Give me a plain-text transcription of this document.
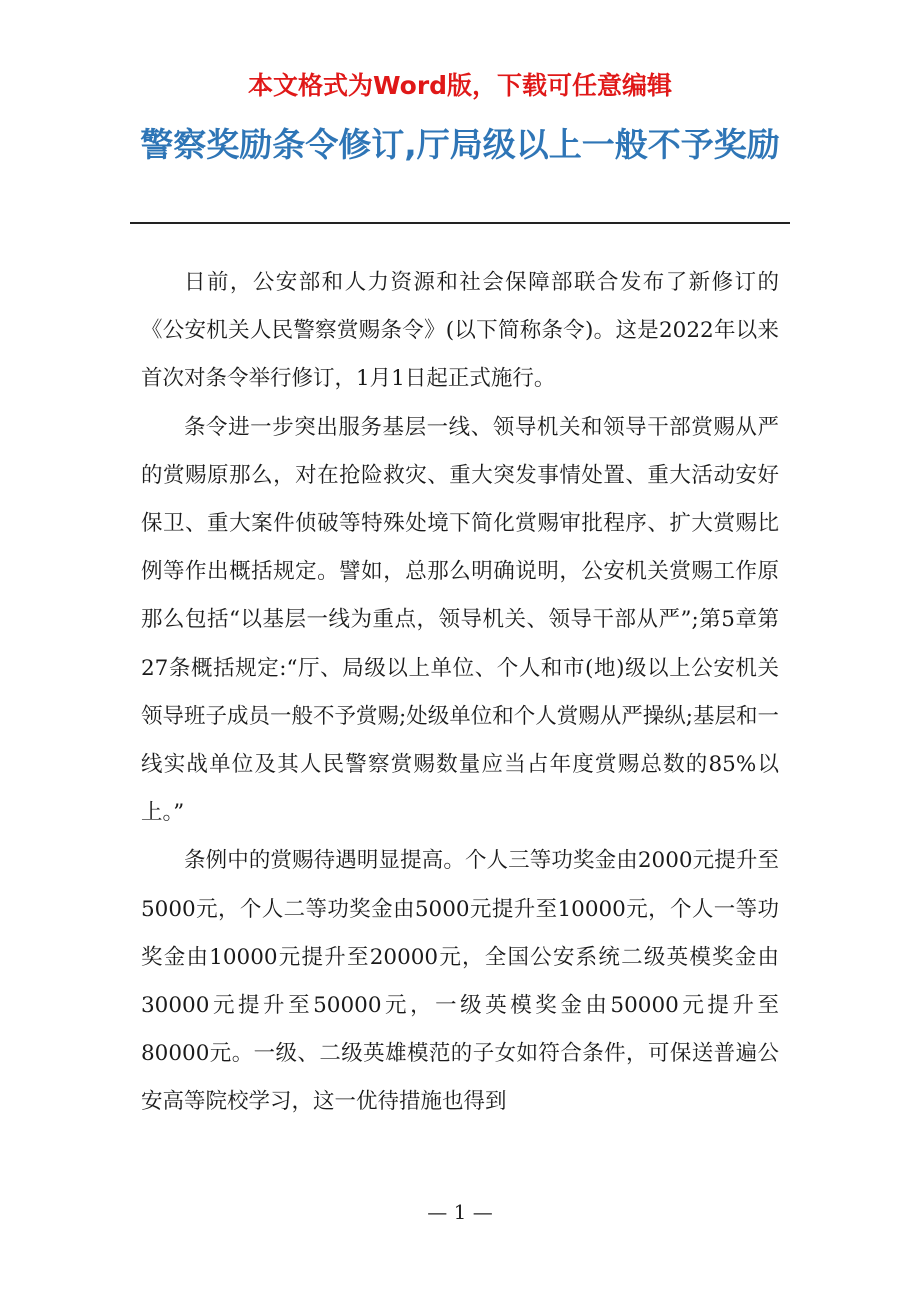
本文格式为Word版，下载可任意编辑
警察奖励条令修订,厅局级以上一般不予奖励

日前，公安部和人力资源和社会保障部联合发布了新修订的《公安机关人民警察赏赐条令》(以下简称条令)。这是2022年以来首次对条令举行修订，1月1日起正式施行。

条令进一步突出服务基层一线、领导机关和领导干部赏赐从严的赏赐原那么，对在抢险救灾、重大突发事情处置、重大活动安好保卫、重大案件侦破等特殊处境下简化赏赐审批程序、扩大赏赐比例等作出概括规定。譬如，总那么明确说明，公安机关赏赐工作原那么包括“以基层一线为重点，领导机关、领导干部从严”;第5章第27条概括规定:“厅、局级以上单位、个人和市(地)级以上公安机关领导班子成员一般不予赏赐;处级单位和个人赏赐从严操纵;基层和一线实战单位及其人民警察赏赐数量应当占年度赏赐总数的85%以上。”

条例中的赏赐待遇明显提高。个人三等功奖金由2000元提升至5000元，个人二等功奖金由5000元提升至10000元，个人一等功奖金由10000元提升至20000元，全国公安系统二级英模奖金由30000元提升至50000元，一级英模奖金由50000元提升至80000元。一级、二级英雄模范的子女如符合条件，可保送普遍公安高等院校学习，这一优待措施也得到

— 1 —
